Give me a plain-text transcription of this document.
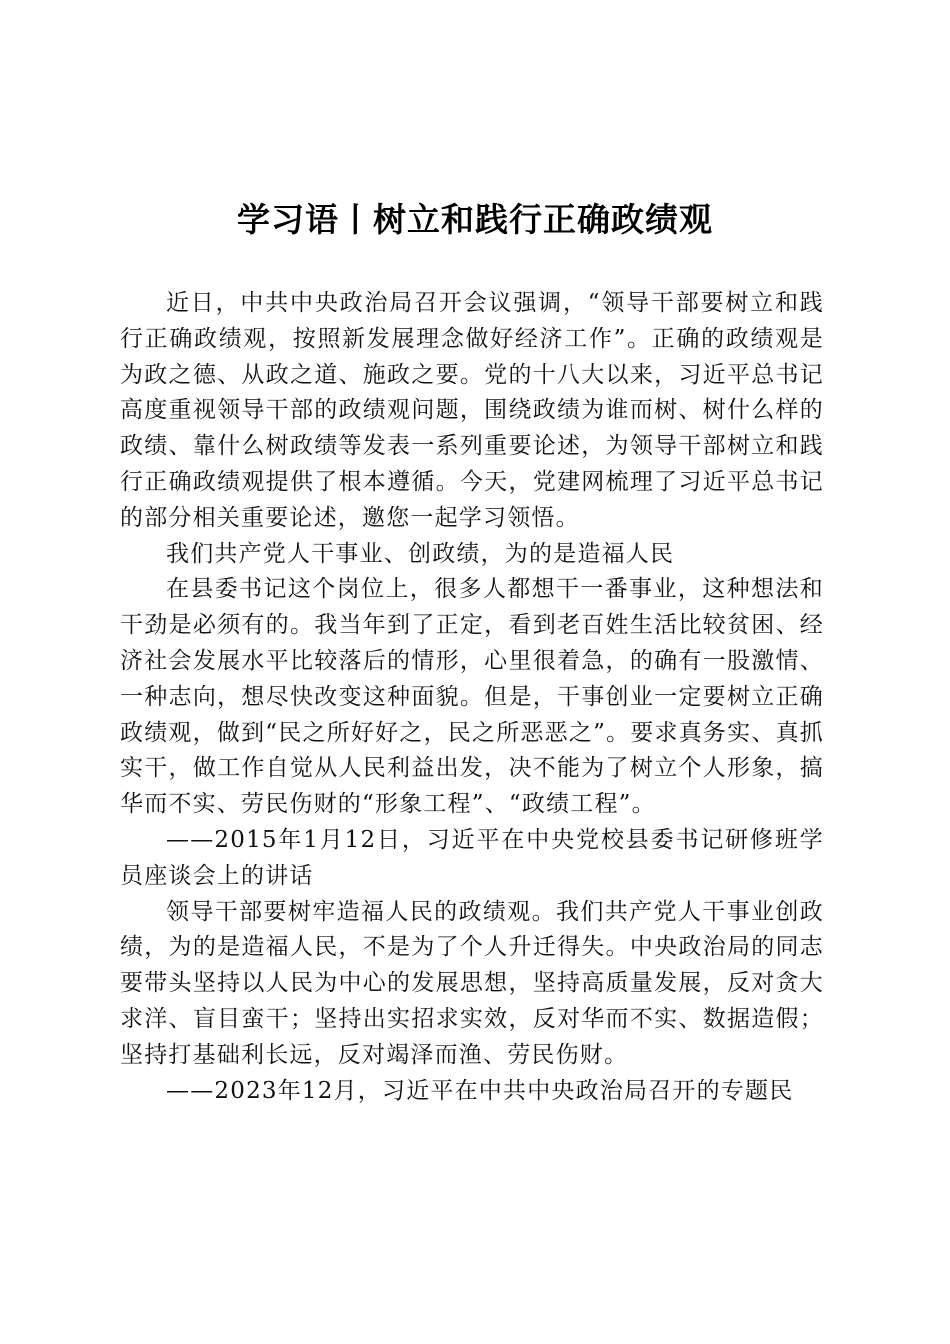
学习语丨树立和践行正确政绩观

近日，中共中央政治局召开会议强调，“领导干部要树立和践行正确政绩观，按照新发展理念做好经济工作”。正确的政绩观是为政之德、从政之道、施政之要。党的十八大以来，习近平总书记高度重视领导干部的政绩观问题，围绕政绩为谁而树、树什么样的政绩、靠什么树政绩等发表一系列重要论述，为领导干部树立和践行正确政绩观提供了根本遵循。今天，党建网梳理了习近平总书记的部分相关重要论述，邀您一起学习领悟。

我们共产党人干事业、创政绩，为的是造福人民

在县委书记这个岗位上，很多人都想干一番事业，这种想法和干劲是必须有的。我当年到了正定，看到老百姓生活比较贫困、经济社会发展水平比较落后的情形，心里很着急，的确有一股激情、一种志向，想尽快改变这种面貌。但是，干事创业一定要树立正确政绩观，做到“民之所好好之，民之所恶恶之”。要求真务实、真抓实干，做工作自觉从人民利益出发，决不能为了树立个人形象，搞华而不实、劳民伤财的“形象工程”、“政绩工程”。

——2015年1月12日，习近平在中央党校县委书记研修班学员座谈会上的讲话

领导干部要树牢造福人民的政绩观。我们共产党人干事业创政绩，为的是造福人民，不是为了个人升迁得失。中央政治局的同志要带头坚持以人民为中心的发展思想，坚持高质量发展，反对贪大求洋、盲目蛮干；坚持出实招求实效，反对华而不实、数据造假；坚持打基础利长远，反对竭泽而渔、劳民伤财。

——2023年12月，习近平在中共中央政治局召开的专题民
